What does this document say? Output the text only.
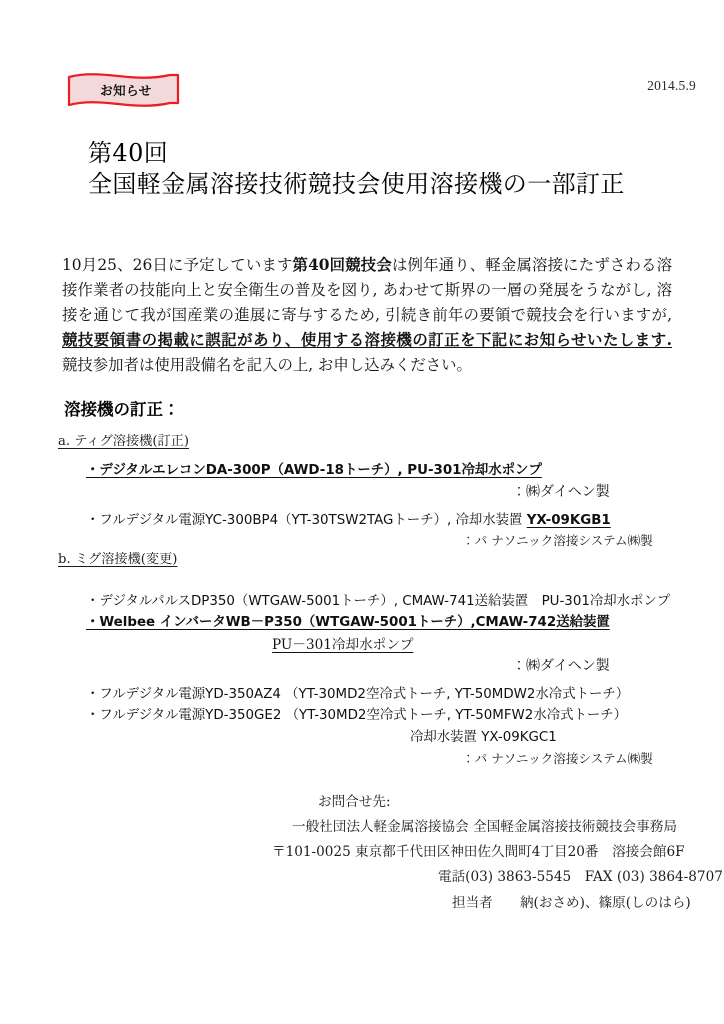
お知らせ	2014.5.9
第40回
全国軽金属溶接技術競技会使用溶接機の一部訂正

10月25、26日に予定しています第40回競技会は例年通り、軽金属溶接にたずさわる溶接作業者の技能向上と安全衛生の普及を図り, あわせて斯界の一層の発展をうながし, 溶接を通じて我が国産業の進展に寄与するため, 引続き前年の要領で競技会を行いますが, 競技要領書の掲載に誤記があり、使用する溶接機の訂正を下記にお知らせいたします. 競技参加者は使用設備名を記入の上, お申し込みください。

溶接機の訂正：
a. ティグ溶接機(訂正)
・デジタルエレコンDA-300P（AWD-18トーチ）, PU-301冷却水ポンプ
：㈱ダイヘン製
・フルデジタル電源YC-300BP4（YT-30TSW2TAGトーチ）, 冷却水装置 YX-09KGB1
：パ ナソニック溶接システム㈱製
b. ミグ溶接機(変更)
・デジタルパルスDP350（WTGAW-5001トーチ）, CMAW-741送給装置　PU-301冷却水ポンプ
・Welbee インバータWB－P350（WTGAW-5001トーチ）,CMAW-742送給装置
PU－301冷却水ポンプ
：㈱ダイヘン製
・フルデジタル電源YD-350AZ4 （YT-30MD2空冷式トーチ, YT-50MDW2水冷式トーチ）
・フルデジタル電源YD-350GE2 （YT-30MD2空冷式トーチ, YT-50MFW2水冷式トーチ）
冷却水装置 YX-09KGC1
：パ ナソニック溶接システム㈱製
お問合せ先:
一般社団法人軽金属溶接協会 全国軽金属溶接技術競技会事務局
〒101-0025 東京都千代田区神田佐久間町4丁目20番　溶接会館6F
電話(03) 3863-5545　FAX (03) 3864-8707
担当者　　納(おさめ)、篠原(しのはら)
